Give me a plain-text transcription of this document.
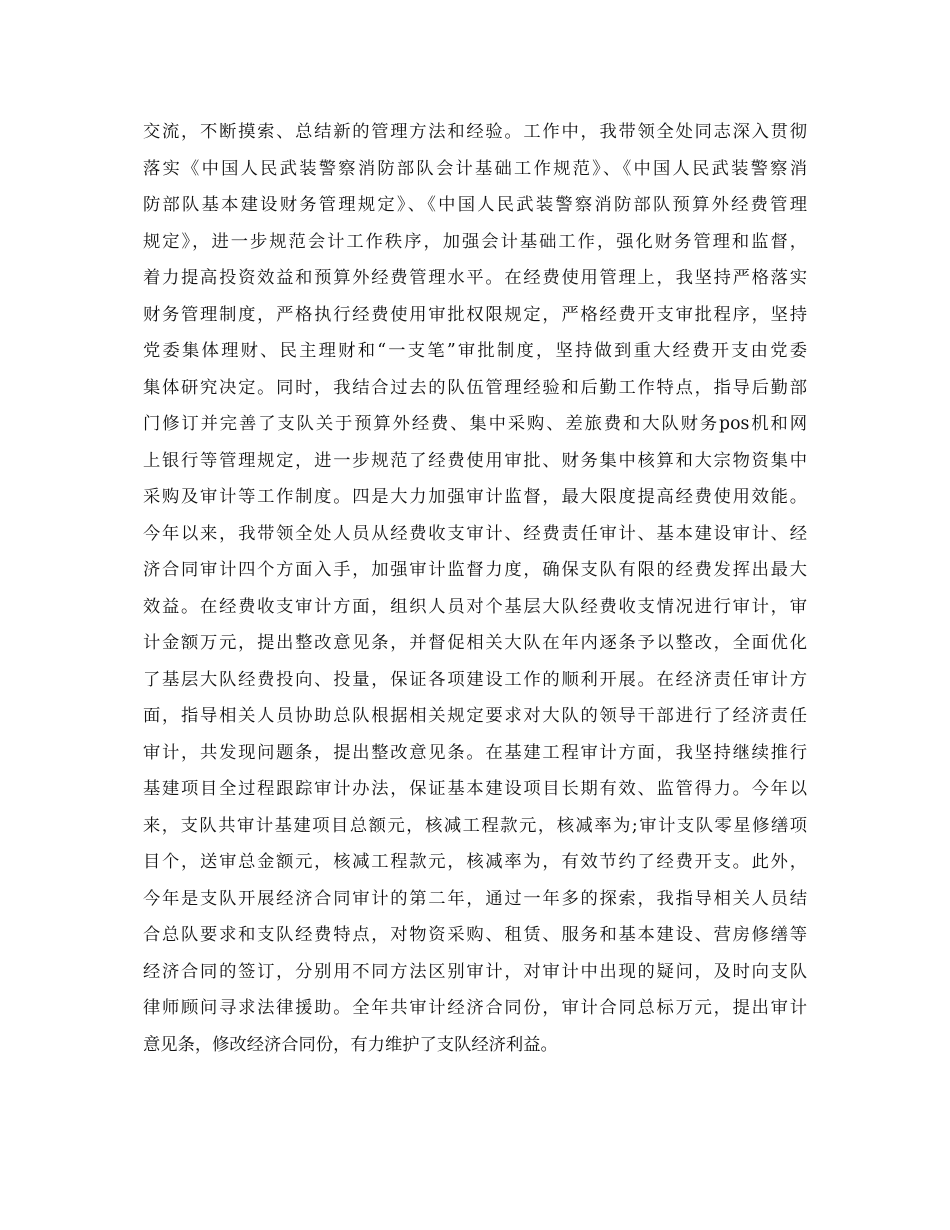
交流，不断摸索、总结新的管理方法和经验。工作中，我带领全处同志深入贯彻
落实《中国人民武装警察消防部队会计基础工作规范》、《中国人民武装警察消
防部队基本建设财务管理规定》、《中国人民武装警察消防部队预算外经费管理
规定》，进一步规范会计工作秩序，加强会计基础工作，强化财务管理和监督，
着力提高投资效益和预算外经费管理水平。在经费使用管理上，我坚持严格落实
财务管理制度，严格执行经费使用审批权限规定，严格经费开支审批程序，坚持
党委集体理财、民主理财和“一支笔”审批制度，坚持做到重大经费开支由党委
集体研究决定。同时，我结合过去的队伍管理经验和后勤工作特点，指导后勤部
门修订并完善了支队关于预算外经费、集中采购、差旅费和大队财务pos机和网
上银行等管理规定，进一步规范了经费使用审批、财务集中核算和大宗物资集中
采购及审计等工作制度。四是大力加强审计监督，最大限度提高经费使用效能。
今年以来，我带领全处人员从经费收支审计、经费责任审计、基本建设审计、经
济合同审计四个方面入手，加强审计监督力度，确保支队有限的经费发挥出最大
效益。在经费收支审计方面，组织人员对个基层大队经费收支情况进行审计，审
计金额万元，提出整改意见条，并督促相关大队在年内逐条予以整改，全面优化
了基层大队经费投向、投量，保证各项建设工作的顺利开展。在经济责任审计方
面，指导相关人员协助总队根据相关规定要求对大队的领导干部进行了经济责任
审计，共发现问题条，提出整改意见条。在基建工程审计方面，我坚持继续推行
基建项目全过程跟踪审计办法，保证基本建设项目长期有效、监管得力。今年以
来，支队共审计基建项目总额元，核减工程款元，核减率为;审计支队零星修缮项
目个，送审总金额元，核减工程款元，核减率为，有效节约了经费开支。此外，
今年是支队开展经济合同审计的第二年，通过一年多的探索，我指导相关人员结
合总队要求和支队经费特点，对物资采购、租赁、服务和基本建设、营房修缮等
经济合同的签订，分别用不同方法区别审计，对审计中出现的疑问，及时向支队
律师顾问寻求法律援助。全年共审计经济合同份，审计合同总标万元，提出审计
意见条，修改经济合同份，有力维护了支队经济利益。
